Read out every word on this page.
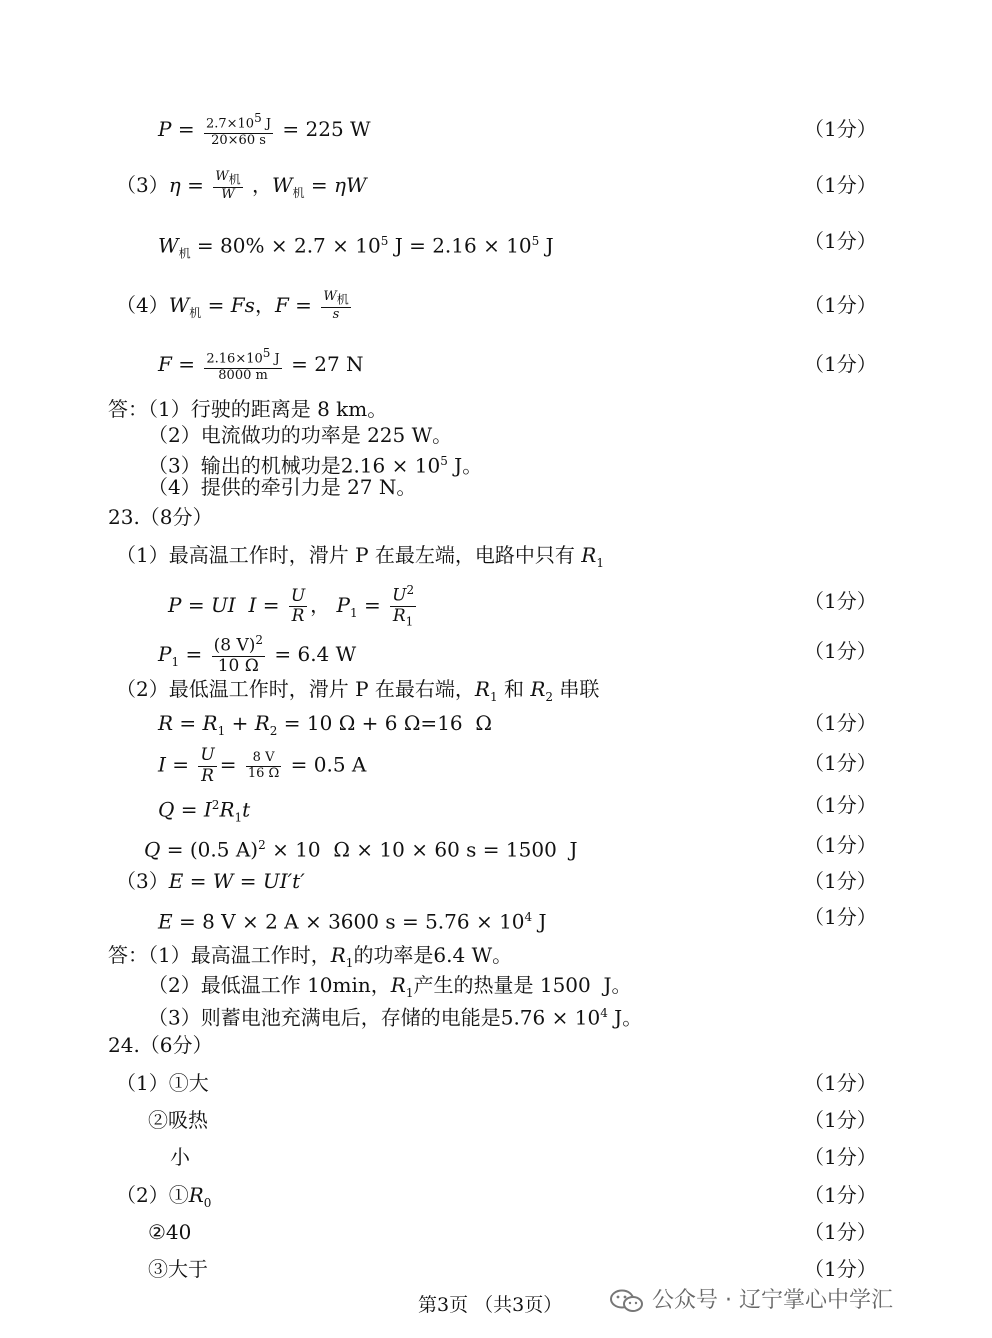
$P = \frac{2.7\times 10^5 J}{20\times 60 s} = 225$ W	（1分）
$(3)\eta = \frac{W_机}{W}$ ，$W_机 = \eta W$	（1分）
$W_机 = 80\% \times 2.7 \times 10^5$ $J = 2.16 \times 10^5$ J	（1分）
$(4)W_机 = Fs$，$F = \frac{W_机}{s}$	（1分）
$F = \frac{2.16\times 10^5 J}{8000 m} = 27$ N	（1分）
答：（1）行驶的距离是 8 km。
（2）电流做功的功率是 225 W。
（3）输出的机械功是$2.16 \times 10^5$ J。
（4）提供的牵引力是 27 N。
23.（8分）
（1）最高温工作时，滑片 P 在最左端，电路中只有 $R_1$
P = UI $I = \frac{U}{R}$ ， $P_1 = \frac{U^2}{R_1}$	（1分）
$P_1 = \frac{(8 V)^2}{10 \Omega} = 6.4$ W	（1分）
（2）最低温工作时，滑片 P 在最右端，$R_1$ 和 $R_2$ 串联
$R = R_1 + R_2 = 10$ Ω + 6 Ω=16  Ω	（1分）
$I = \frac{U}{R} = \frac{8 V}{16 \Omega} = 0.5$ A	（1分）
$Q = I^2R_1t$	（1分）
Q = (0.5 A)$^2$ × 10  Ω × 10 × 60 s = 1500  J	（1分）
（3）E = W = UI′t′	（1分）
E = 8 V × 2 A × 3600 $s = 5.76 \times 10^4$ J	（1分）
答：（1）最高温工作时，$R_1$的功率是6.4 W。
（2）最低温工作 10min，$R_1$产生的热量是 1500  J。
（3）则蓄电池充满电后，存储的电能是$5.76 \times 10^4$ J。
24.（6分）
（1）①大	（1分）
②吸热	（1分）
小	（1分）
$(2)①R_0$	（1分）
②40	（1分）
③大于	（1分）
第3页 （共3页）	公众号 · 辽宁掌心中学汇
